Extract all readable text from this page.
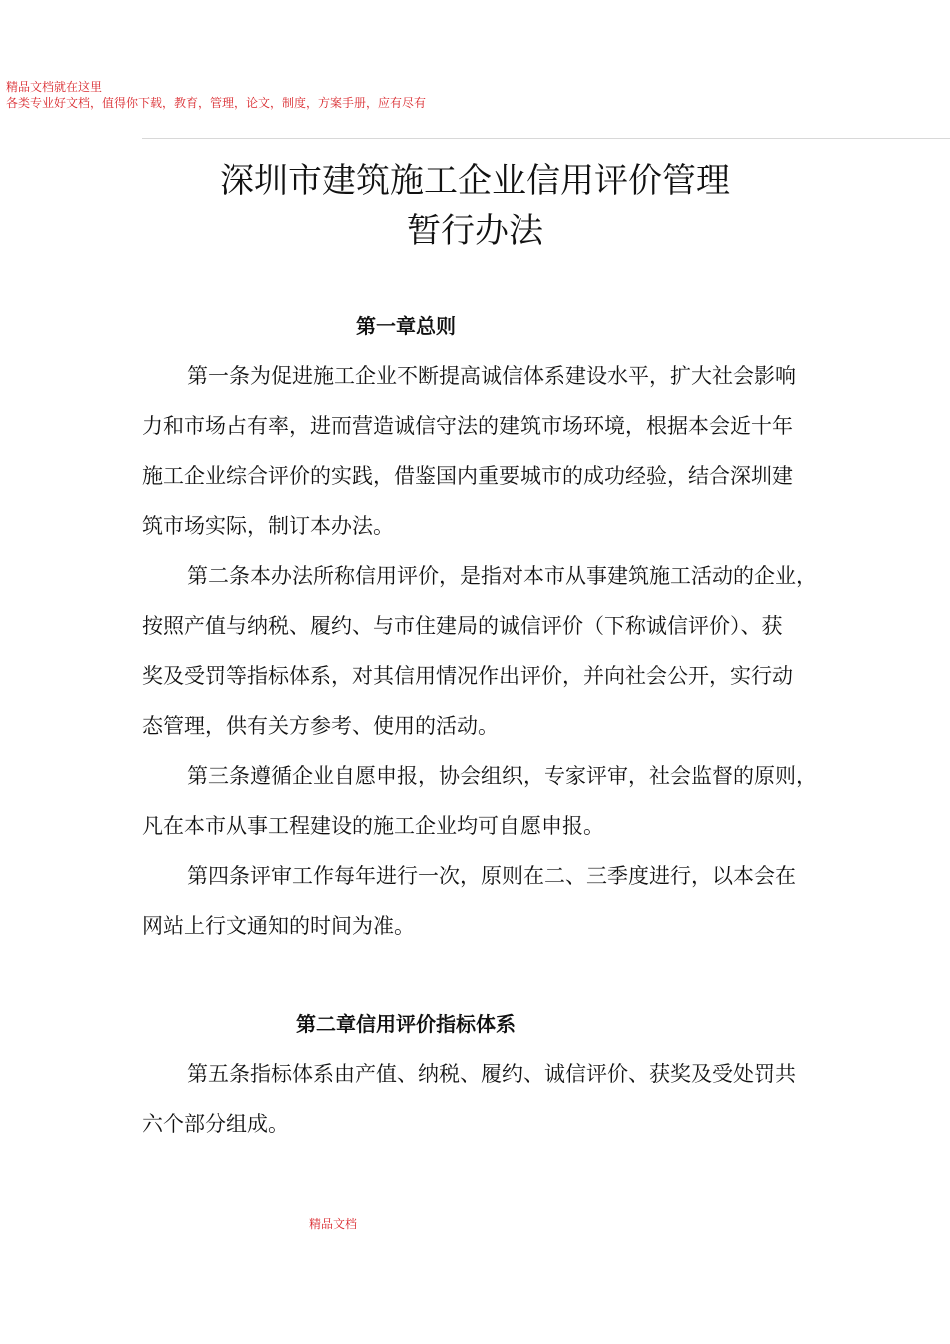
精品文档就在这里
各类专业好文档，值得你下载，教育，管理，论文，制度，方案手册，应有尽有
深圳市建筑施工企业信用评价管理
暂行办法
第一章总则
第一条为促进施工企业不断提高诚信体系建设水平，扩大社会影响
力和市场占有率，进而营造诚信守法的建筑市场环境，根据本会近十年
施工企业综合评价的实践，借鉴国内重要城市的成功经验，结合深圳建
筑市场实际，制订本办法。
第二条本办法所称信用评价，是指对本市从事建筑施工活动的企业，
按照产值与纳税、履约、与市住建局的诚信评价（下称诚信评价）、获
奖及受罚等指标体系，对其信用情况作出评价，并向社会公开，实行动
态管理，供有关方参考、使用的活动。
第三条遵循企业自愿申报，协会组织，专家评审，社会监督的原则，
凡在本市从事工程建设的施工企业均可自愿申报。
第四条评审工作每年进行一次，原则在二、三季度进行，以本会在
网站上行文通知的时间为准。
第二章信用评价指标体系
第五条指标体系由产值、纳税、履约、诚信评价、获奖及受处罚共
六个部分组成。
精品文档
